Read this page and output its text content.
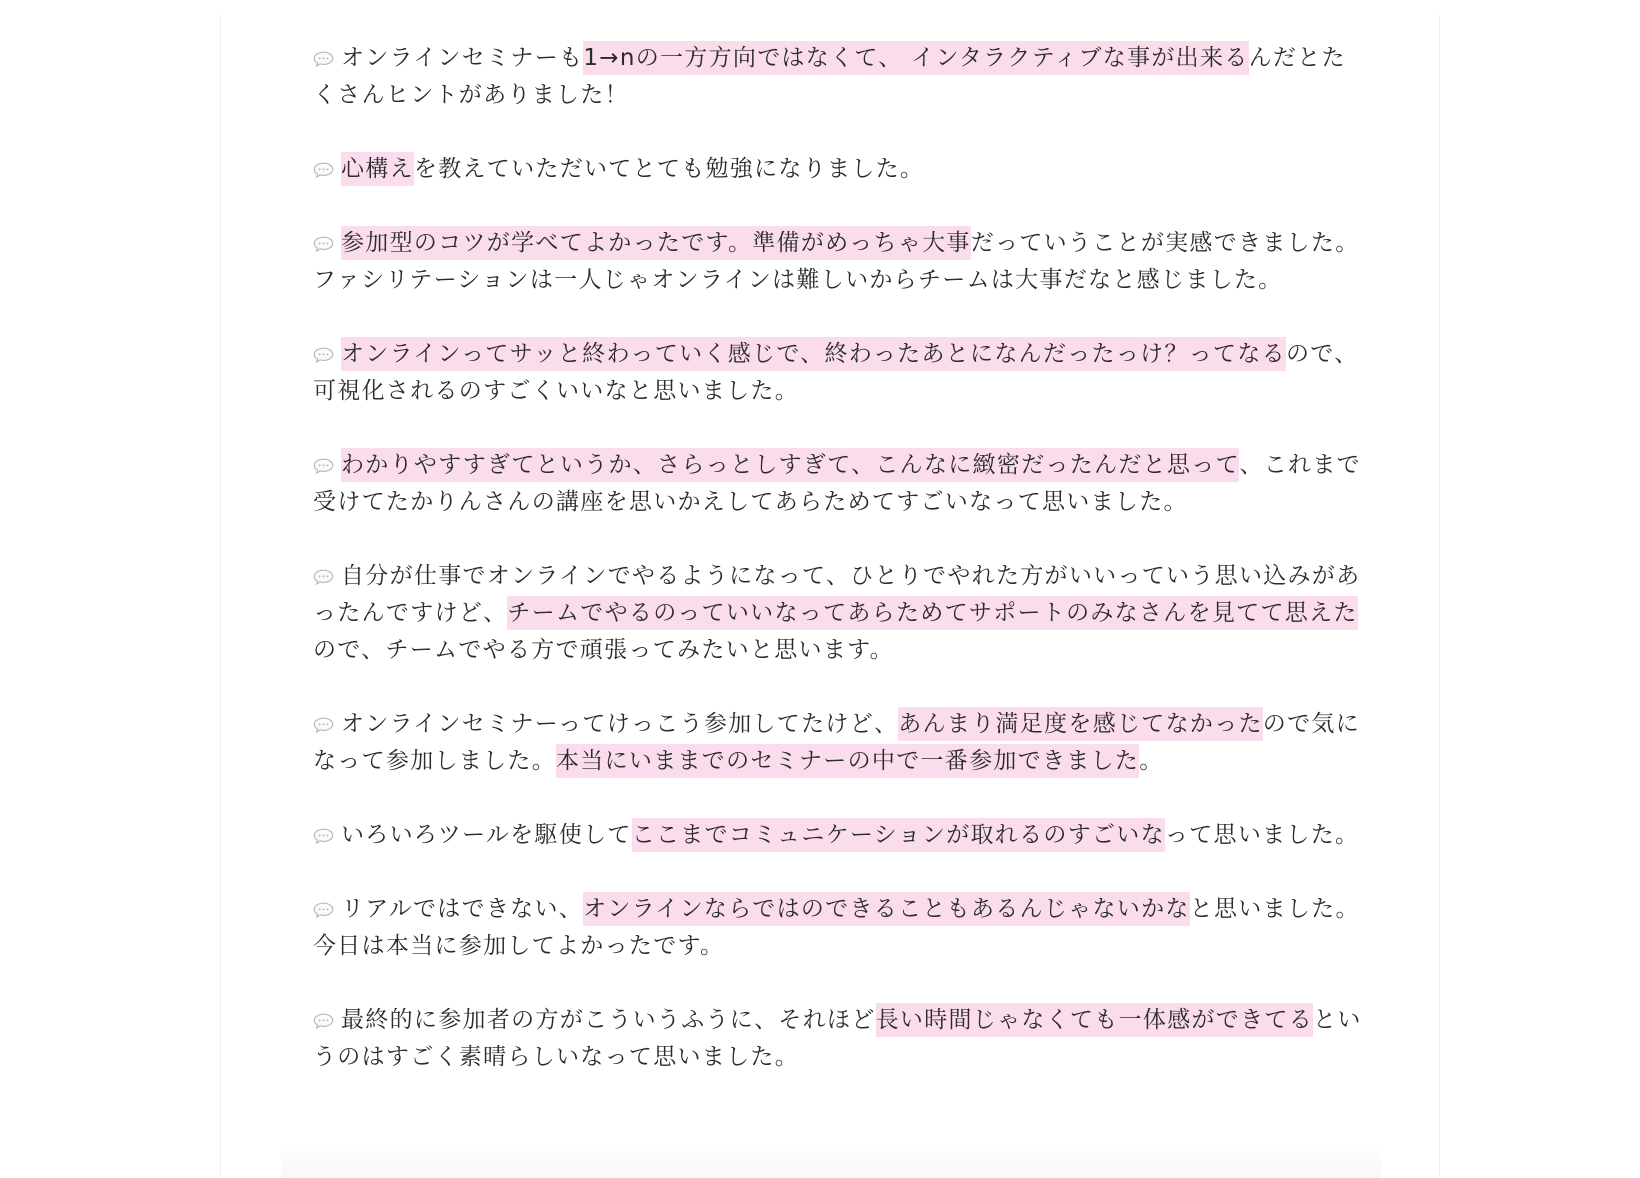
オンラインセミナーも1→nの一方方向ではなくて、 インタラクティブな事が出来るんだとたくさんヒントがありました！
心構えを教えていただいてとても勉強になりました。
参加型のコツが学べてよかったです。準備がめっちゃ大事だっていうことが実感できました。ファシリテーションは一人じゃオンラインは難しいからチームは大事だなと感じました。
オンラインってサッと終わっていく感じで、終わったあとになんだったっけ？ってなるので、可視化されるのすごくいいなと思いました。
わかりやすすぎてというか、さらっとしすぎて、こんなに緻密だったんだと思って、これまで受けてたかりんさんの講座を思いかえしてあらためてすごいなって思いました。
自分が仕事でオンラインでやるようになって、ひとりでやれた方がいいっていう思い込みがあったんですけど、チームでやるのっていいなってあらためてサポートのみなさんを見てて思えたので、チームでやる方で頑張ってみたいと思います。
オンラインセミナーってけっこう参加してたけど、あんまり満足度を感じてなかったので気になって参加しました。本当にいままでのセミナーの中で一番参加できました。
いろいろツールを駆使してここまでコミュニケーションが取れるのすごいなって思いました。
リアルではできない、オンラインならではのできることもあるんじゃないかなと思いました。今日は本当に参加してよかったです。
最終的に参加者の方がこういうふうに、それほど長い時間じゃなくても一体感ができてるというのはすごく素晴らしいなって思いました。
